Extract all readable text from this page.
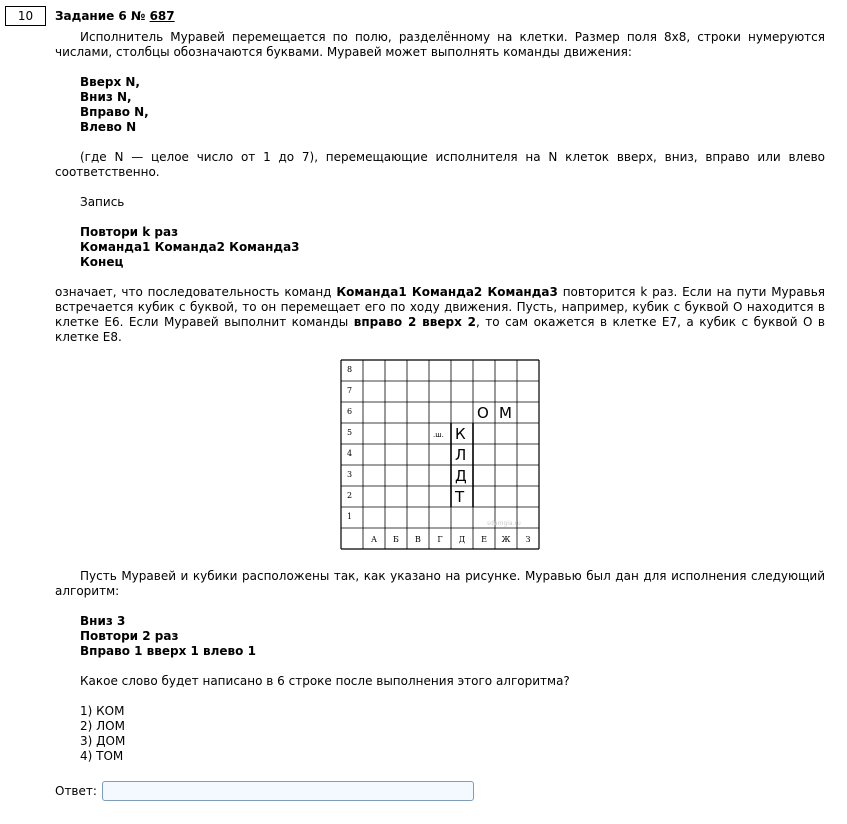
10	Задание 6 № 687

Исполнитель Муравей перемещается по полю, разделённому на клетки. Размер поля 8х8, строки нумеруются числами, столбцы обозначаются буквами. Муравей может выполнять команды движения:

Вверх N,
Вниз N,
Вправо N,
Влево N

(где N — целое число от 1 до 7), перемещающие исполнителя на N клеток вверх, вниз, вправо или влево соответственно.

Запись
Повтори k раз
Команда1 Команда2 Команда3
Конец

означает, что последовательность команд Команда1 Команда2 Команда3 повторится k раз. Если на пути Муравья встречается кубик с буквой, то он перемещает его по ходу движения. Пусть, например, кубик с буквой О находится в клетке Е6. Если Муравей выполнит команды вправо 2 вверх 2, то сам окажется в клетке Е7, а кубик с буквой О в клетке Е8.

8
7
6
5
4
3
2
1
А Б В Г Д Е Ж З
О М
К
Л
Д
Т
.ш.
sdamgia.ru

Пусть Муравей и кубики расположены так, как указано на рисунке. Муравью был дан для исполнения следующий алгоритм:

Вниз 3
Повтори 2 раз
Вправо 1 вверх 1 влево 1
Какое слово будет написано в 6 строке после выполнения этого алгоритма?
1) КОМ
2) ЛОМ
3) ДОМ
4) ТОМ
Ответ:
